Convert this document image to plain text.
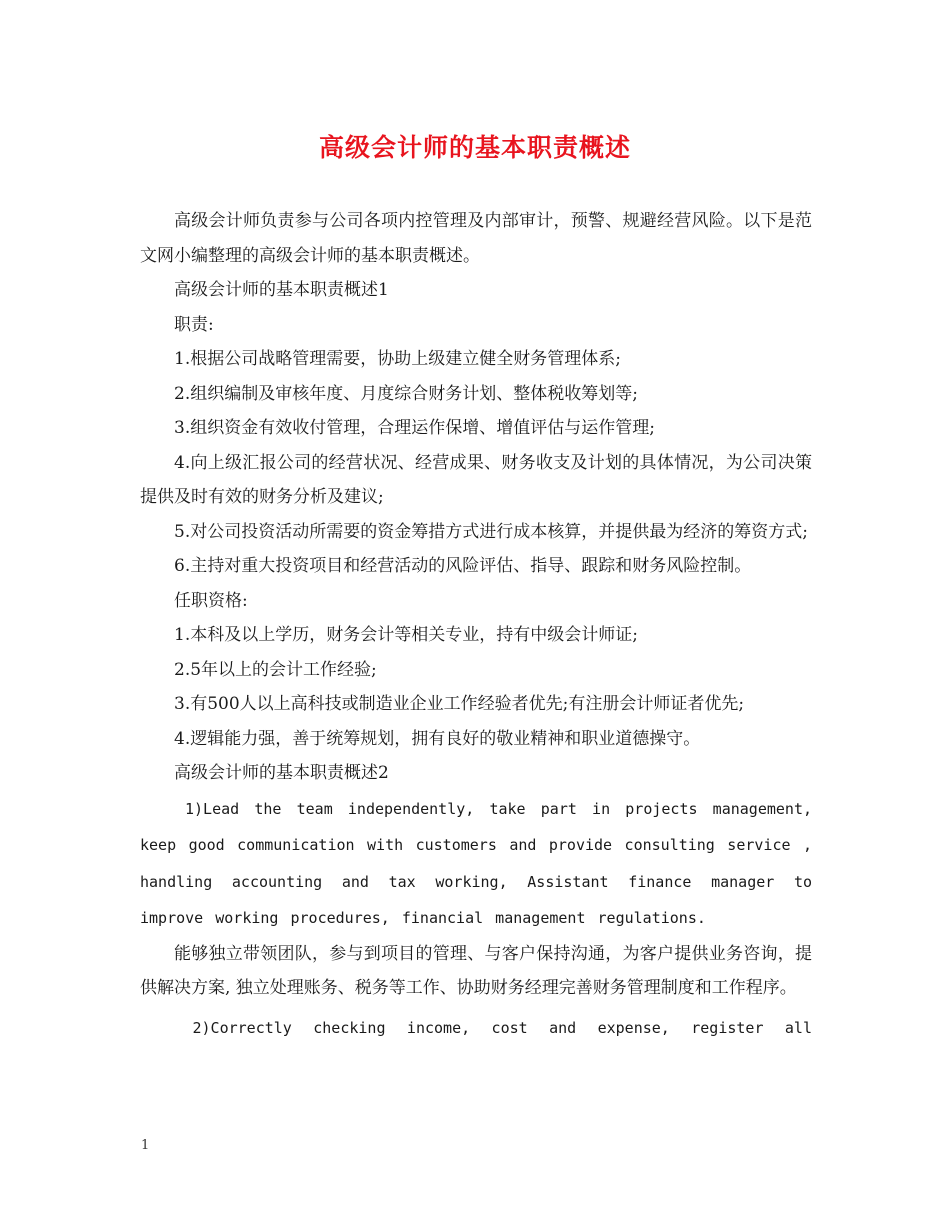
高级会计师的基本职责概述

高级会计师负责参与公司各项内控管理及内部审计，预警、规避经营风险。以下是范文网小编整理的高级会计师的基本职责概述。

高级会计师的基本职责概述1

职责:

1.根据公司战略管理需要，协助上级建立健全财务管理体系;

2.组织编制及审核年度、月度综合财务计划、整体税收筹划等;

3.组织资金有效收付管理，合理运作保增、增值评估与运作管理;

4.向上级汇报公司的经营状况、经营成果、财务收支及计划的具体情况，为公司决策提供及时有效的财务分析及建议;

5.对公司投资活动所需要的资金筹措方式进行成本核算，并提供最为经济的筹资方式;

6.主持对重大投资项目和经营活动的风险评估、指导、跟踪和财务风险控制。

任职资格:

1.本科及以上学历，财务会计等相关专业，持有中级会计师证;

2.5年以上的会计工作经验;

3.有500人以上高科技或制造业企业工作经验者优先;有注册会计师证者优先;

4.逻辑能力强，善于统筹规划，拥有良好的敬业精神和职业道德操守。

高级会计师的基本职责概述2

1)Lead the team independently, take part in projects management, keep good communication with customers and provide consulting service , handling accounting and tax working, Assistant finance manager to improve working procedures, financial management regulations.

能够独立带领团队，参与到项目的管理、与客户保持沟通，为客户提供业务咨询，提供解决方案, 独立处理账务、税务等工作、协助财务经理完善财务管理制度和工作程序。

2)Correctly checking income, cost and expense, register all

1
